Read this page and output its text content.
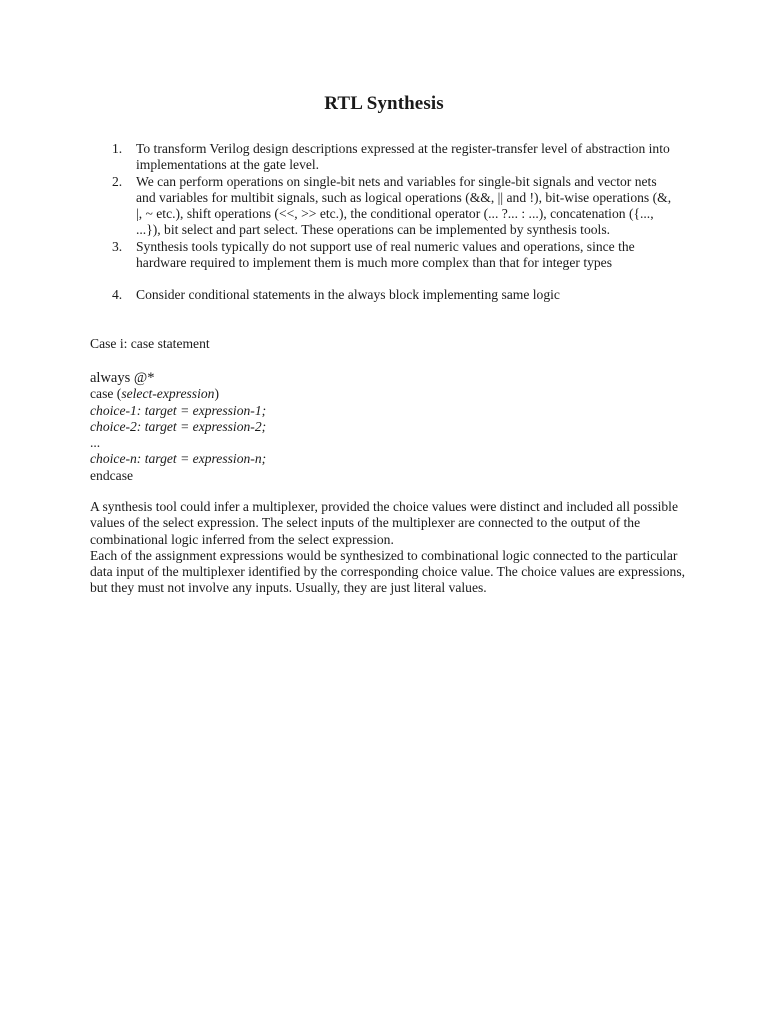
RTL Synthesis
1. To transform Verilog design descriptions expressed at the register-transfer level of abstraction into implementations at the gate level.
2. We can perform operations on single-bit nets and variables for single-bit signals and vector nets and variables for multibit signals, such as logical operations (&&, || and !), bit-wise operations (&, |, ~ etc.), shift operations (<<, >> etc.), the conditional operator (... ?... : ...), concatenation ({..., ...}), bit select and part select. These operations can be implemented by synthesis tools.
3. Synthesis tools typically do not support use of real numeric values and operations, since the hardware required to implement them is much more complex than that for integer types
4. Consider conditional statements in the always block implementing same logic
Case i: case statement
always @*
case (select-expression)
choice-1: target = expression-1;
choice-2: target = expression-2;
...
choice-n: target = expression-n;
endcase

A synthesis tool could infer a multiplexer, provided the choice values were distinct and included all possible values of the select expression. The select inputs of the multiplexer are connected to the output of the combinational logic inferred from the select expression.

Each of the assignment expressions would be synthesized to combinational logic connected to the particular data input of the multiplexer identified by the corresponding choice value. The choice values are expressions, but they must not involve any inputs. Usually, they are just literal values.
